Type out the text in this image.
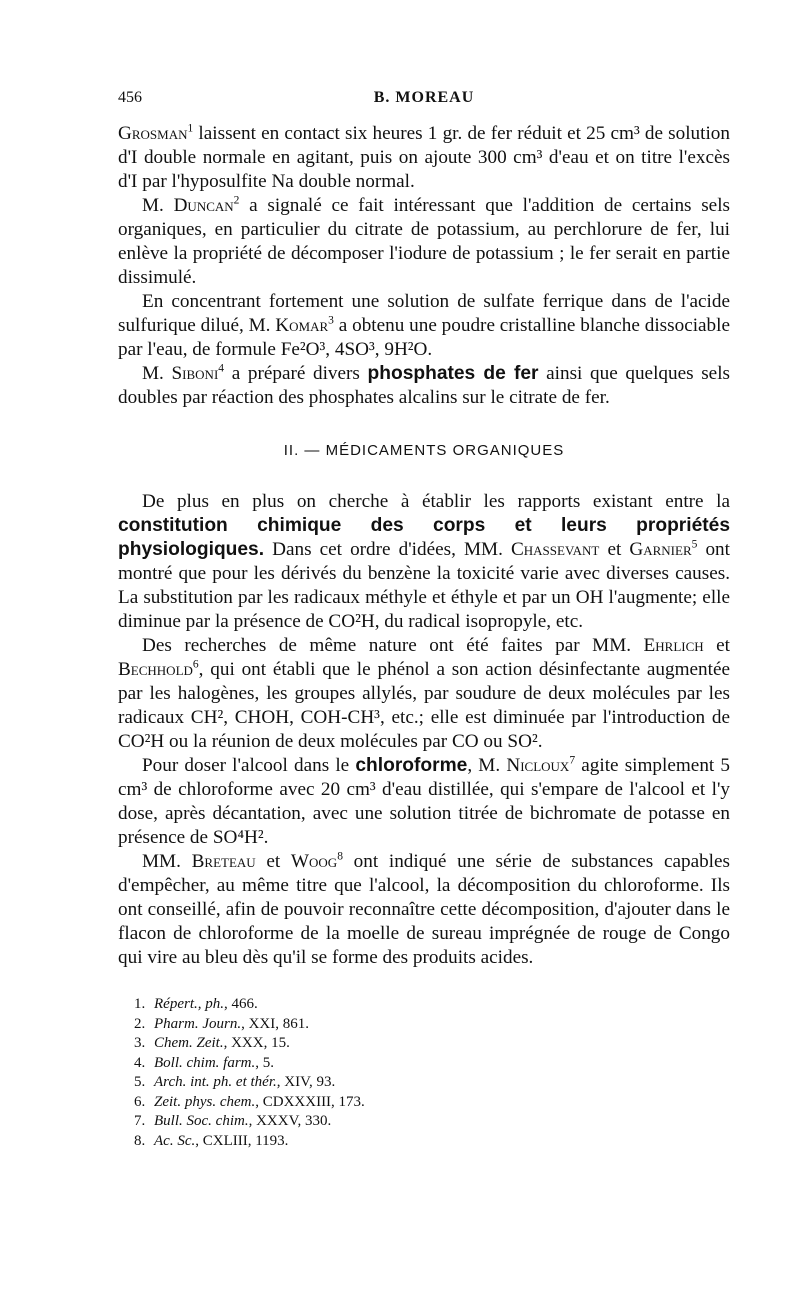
456	B. MOREAU

Grosman$^1$ laissent en contact six heures 1 gr. de fer réduit et 25 cm³ de solution d'I double normale en agitant, puis on ajoute 300 cm³ d'eau et on titre l'excès d'I par l'hyposulfite Na double normal.

M. Duncan$^2$ a signalé ce fait intéressant que l'addition de certains sels organiques, en particulier du citrate de potassium, au perchlorure de fer, lui enlève la propriété de décomposer l'iodure de potassium ; le fer serait en partie dissimulé.

En concentrant fortement une solution de sulfate ferrique dans de l'acide sulfurique dilué, M. Komar$^3$ a obtenu une poudre cristalline blanche dissociable par l'eau, de formule Fe²O³, 4SO³, 9H²O.

M. Siboni$^4$ a préparé divers phosphates de fer ainsi que quelques sels doubles par réaction des phosphates alcalins sur le citrate de fer.

II. — MÉDICAMENTS ORGANIQUES

De plus en plus on cherche à établir les rapports existant entre la constitution chimique des corps et leurs propriétés physiologiques. Dans cet ordre d'idées, MM. Chassevant et Garnier$^5$ ont montré que pour les dérivés du benzène la toxicité varie avec diverses causes. La substitution par les radicaux méthyle et éthyle et par un OH l'augmente; elle diminue par la présence de CO²H, du radical isopropyle, etc.

Des recherches de même nature ont été faites par MM. Ehrlich et Bechhold$^6$, qui ont établi que le phénol a son action désinfectante augmentée par les halogènes, les groupes allylés, par soudure de deux molécules par les radicaux CH², CHOH, COH-CH³, etc.; elle est diminuée par l'introduction de CO²H ou la réunion de deux molécules par CO ou SO².

Pour doser l'alcool dans le chloroforme, M. Nicloux$^7$ agite simplement 5 cm³ de chloroforme avec 20 cm³ d'eau distillée, qui s'empare de l'alcool et l'y dose, après décantation, avec une solution titrée de bichromate de potasse en présence de SO⁴H².

MM. Breteau et Woog$^8$ ont indiqué une série de substances capables d'empêcher, au même titre que l'alcool, la décomposition du chloroforme. Ils ont conseillé, afin de pouvoir reconnaître cette décomposition, d'ajouter dans le flacon de chloroforme de la moelle de sureau imprégnée de rouge de Congo qui vire au bleu dès qu'il se forme des produits acides.

1. Répert., ph., 466.
2. Pharm. Journ., XXI, 861.
3. Chem. Zeit., XXX, 15.
4. Boll. chim. farm., 5.
5. Arch. int. ph. et thér., XIV, 93.
6. Zeit. phys. chem., CDXXXIII, 173.
7. Bull. Soc. chim., XXXV, 330.
8. Ac. Sc., CXLIII, 1193.
